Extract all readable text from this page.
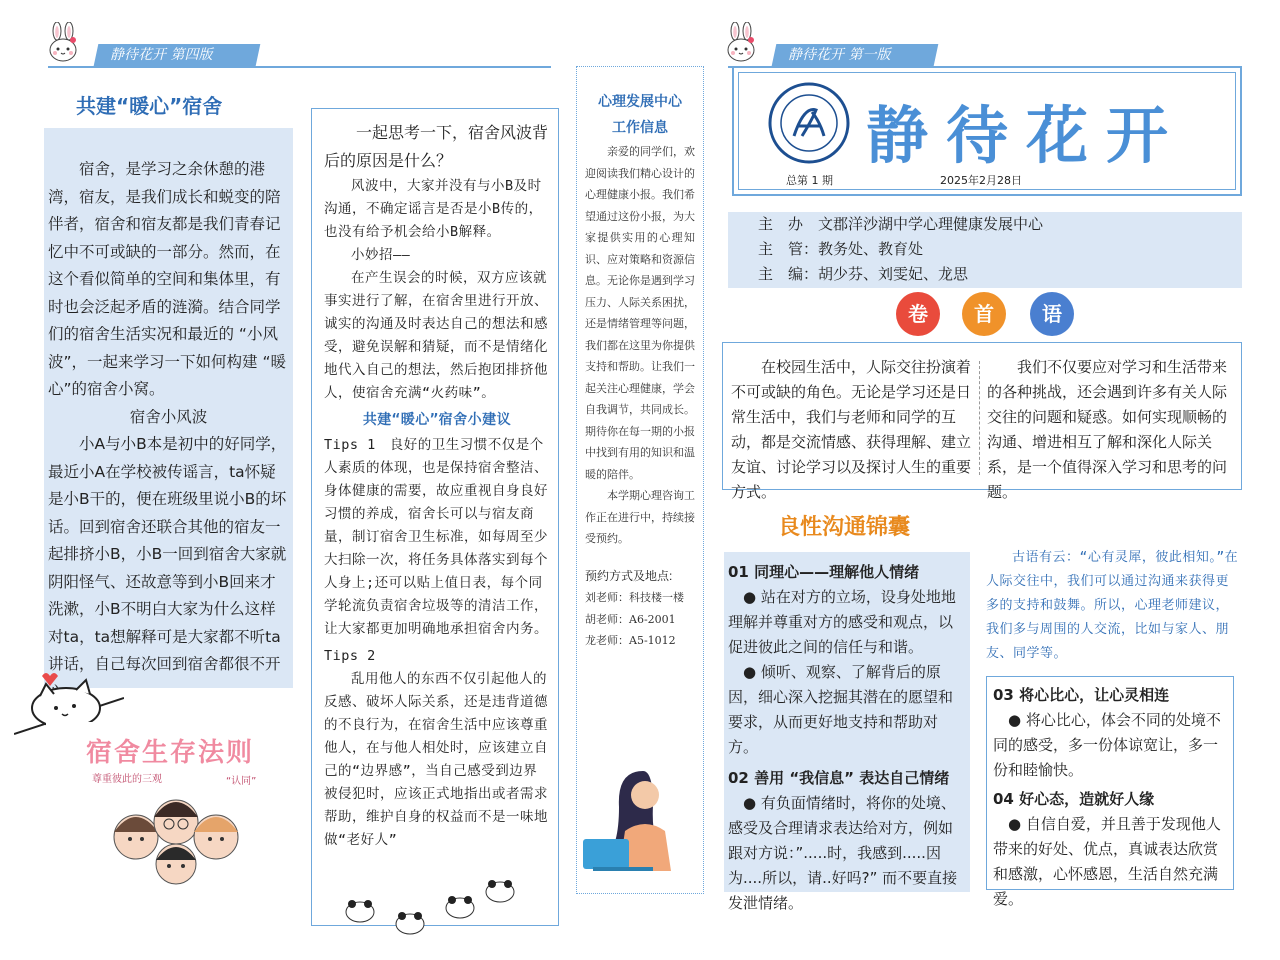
静待花开 第四版
共建“暖心”宿舍

宿舍，是学习之余休憩的港湾，宿友，是我们成长和蜕变的陪伴者，宿舍和宿友都是我们青春记忆中不可或缺的一部分。然而，在这个看似简单的空间和集体里，有时也会泛起矛盾的涟漪。结合同学们的宿舍生活实况和最近的 “小风波”，一起来学习一下如何构建 “暖心”的宿舍小窝。

宿舍小风波

小A与小B本是初中的好同学，最近小A在学校被传谣言，ta怀疑是小B干的，便在班级里说小B的坏话。回到宿舍还联合其他的宿友一起排挤小B，小B一回到宿舍大家就阴阳怪气、还故意等到小B回来才洗漱，小B不明白大家为什么这样对ta，ta想解释可是大家都不听ta讲话，自己每次回到宿舍都很不开

宿舍生存法则
尊重彼此的三观	“认同”

一起思考一下，宿舍风波背后的原因是什么？

风波中，大家并没有与小B及时沟通，不确定谣言是否是小B传的，也没有给予机会给小B解释。

小妙招——

在产生误会的时候，双方应该就事实进行了解，在宿舍里进行开放、诚实的沟通及时表达自己的想法和感受，避免误解和猜疑，而不是情绪化地代入自己的想法，然后抱团排挤他人，使宿舍充满“火药味”。

共建“暖心”宿舍小建议

Tips 1　良好的卫生习惯不仅是个人素质的体现，也是保持宿舍整洁、身体健康的需要，故应重视自身良好习惯的养成，宿舍长可以与宿友商量，制订宿舍卫生标准，如每周至少大扫除一次，将任务具体落实到每个人身上;还可以贴上值日表，每个同学轮流负责宿舍垃圾等的清洁工作，让大家都更加明确地承担宿舍内务。

Tips 2

乱用他人的东西不仅引起他人的反感、破坏人际关系，还是违背道德的不良行为，在宿舍生活中应该尊重他人，在与他人相处时，应该建立自己的“边界感”，当自己感受到边界被侵犯时，应该正式地指出或者需求帮助，维护自身的权益而不是一味地做“老好人”

心理发展中心

工作信息

亲爱的同学们，欢迎阅读我们精心设计的心理健康小报。我们希望通过这份小报，为大家提供实用的心理知识、应对策略和资源信息。无论你是遇到学习压力、人际关系困扰，还是情绪管理等问题，我们都在这里为你提供支持和帮助。让我们一起关注心理健康，学会自我调节，共同成长。期待你在每一期的小报中找到有用的知识和温暖的陪伴。

本学期心理咨询工作正在进行中，持续接受预约。

预约方式及地点:

刘老师：科技楼一楼

胡老师：A6-2001

龙老师：A5-1012

静待花开 第一版
静待花开
总第 1 期	2025年2月28日

主　办　文郡洋沙湖中学心理健康发展中心

主　管：教务处、教育处

主　编：胡少芬、刘雯妃、龙思

卷	首	语

在校园生活中，人际交往扮演着不可或缺的角色。无论是学习还是日常生活中，我们与老师和同学的互动，都是交流情感、获得理解、建立友谊、讨论学习以及探讨人生的重要方式。

我们不仅要应对学习和生活带来的各种挑战，还会遇到许多有关人际交往的问题和疑惑。如何实现顺畅的沟通、增进相互了解和深化人际关系，是一个值得深入学习和思考的问题。

良性沟通锦囊

01 同理心——理解他人情绪

● 站在对方的立场，设身处地地理解并尊重对方的感受和观点，以促进彼此之间的信任与和谐。

● 倾听、观察、了解背后的原因，细心深入挖掘其潜在的愿望和要求，从而更好地支持和帮助对方。

02 善用 “我信息” 表达自己情绪

● 有负面情绪时，将你的处境、感受及合理请求表达给对方，例如跟对方说：”.....时，我感到.....因为....所以，请..好吗?” 而不要直接发泄情绪。

古语有云：“心有灵犀，彼此相知。”在人际交往中，我们可以通过沟通来获得更多的支持和鼓舞。所以，心理老师建议，我们多与周围的人交流，比如与家人、朋友、同学等。

03 将心比心，让心灵相连

● 将心比心，体会不同的处境不同的感受，多一份体谅宽让，多一份和睦愉快。

04 好心态，造就好人缘

● 自信自爱，并且善于发现他人带来的好处、优点，真诚表达欣赏和感激，心怀感恩，生活自然充满爱。
